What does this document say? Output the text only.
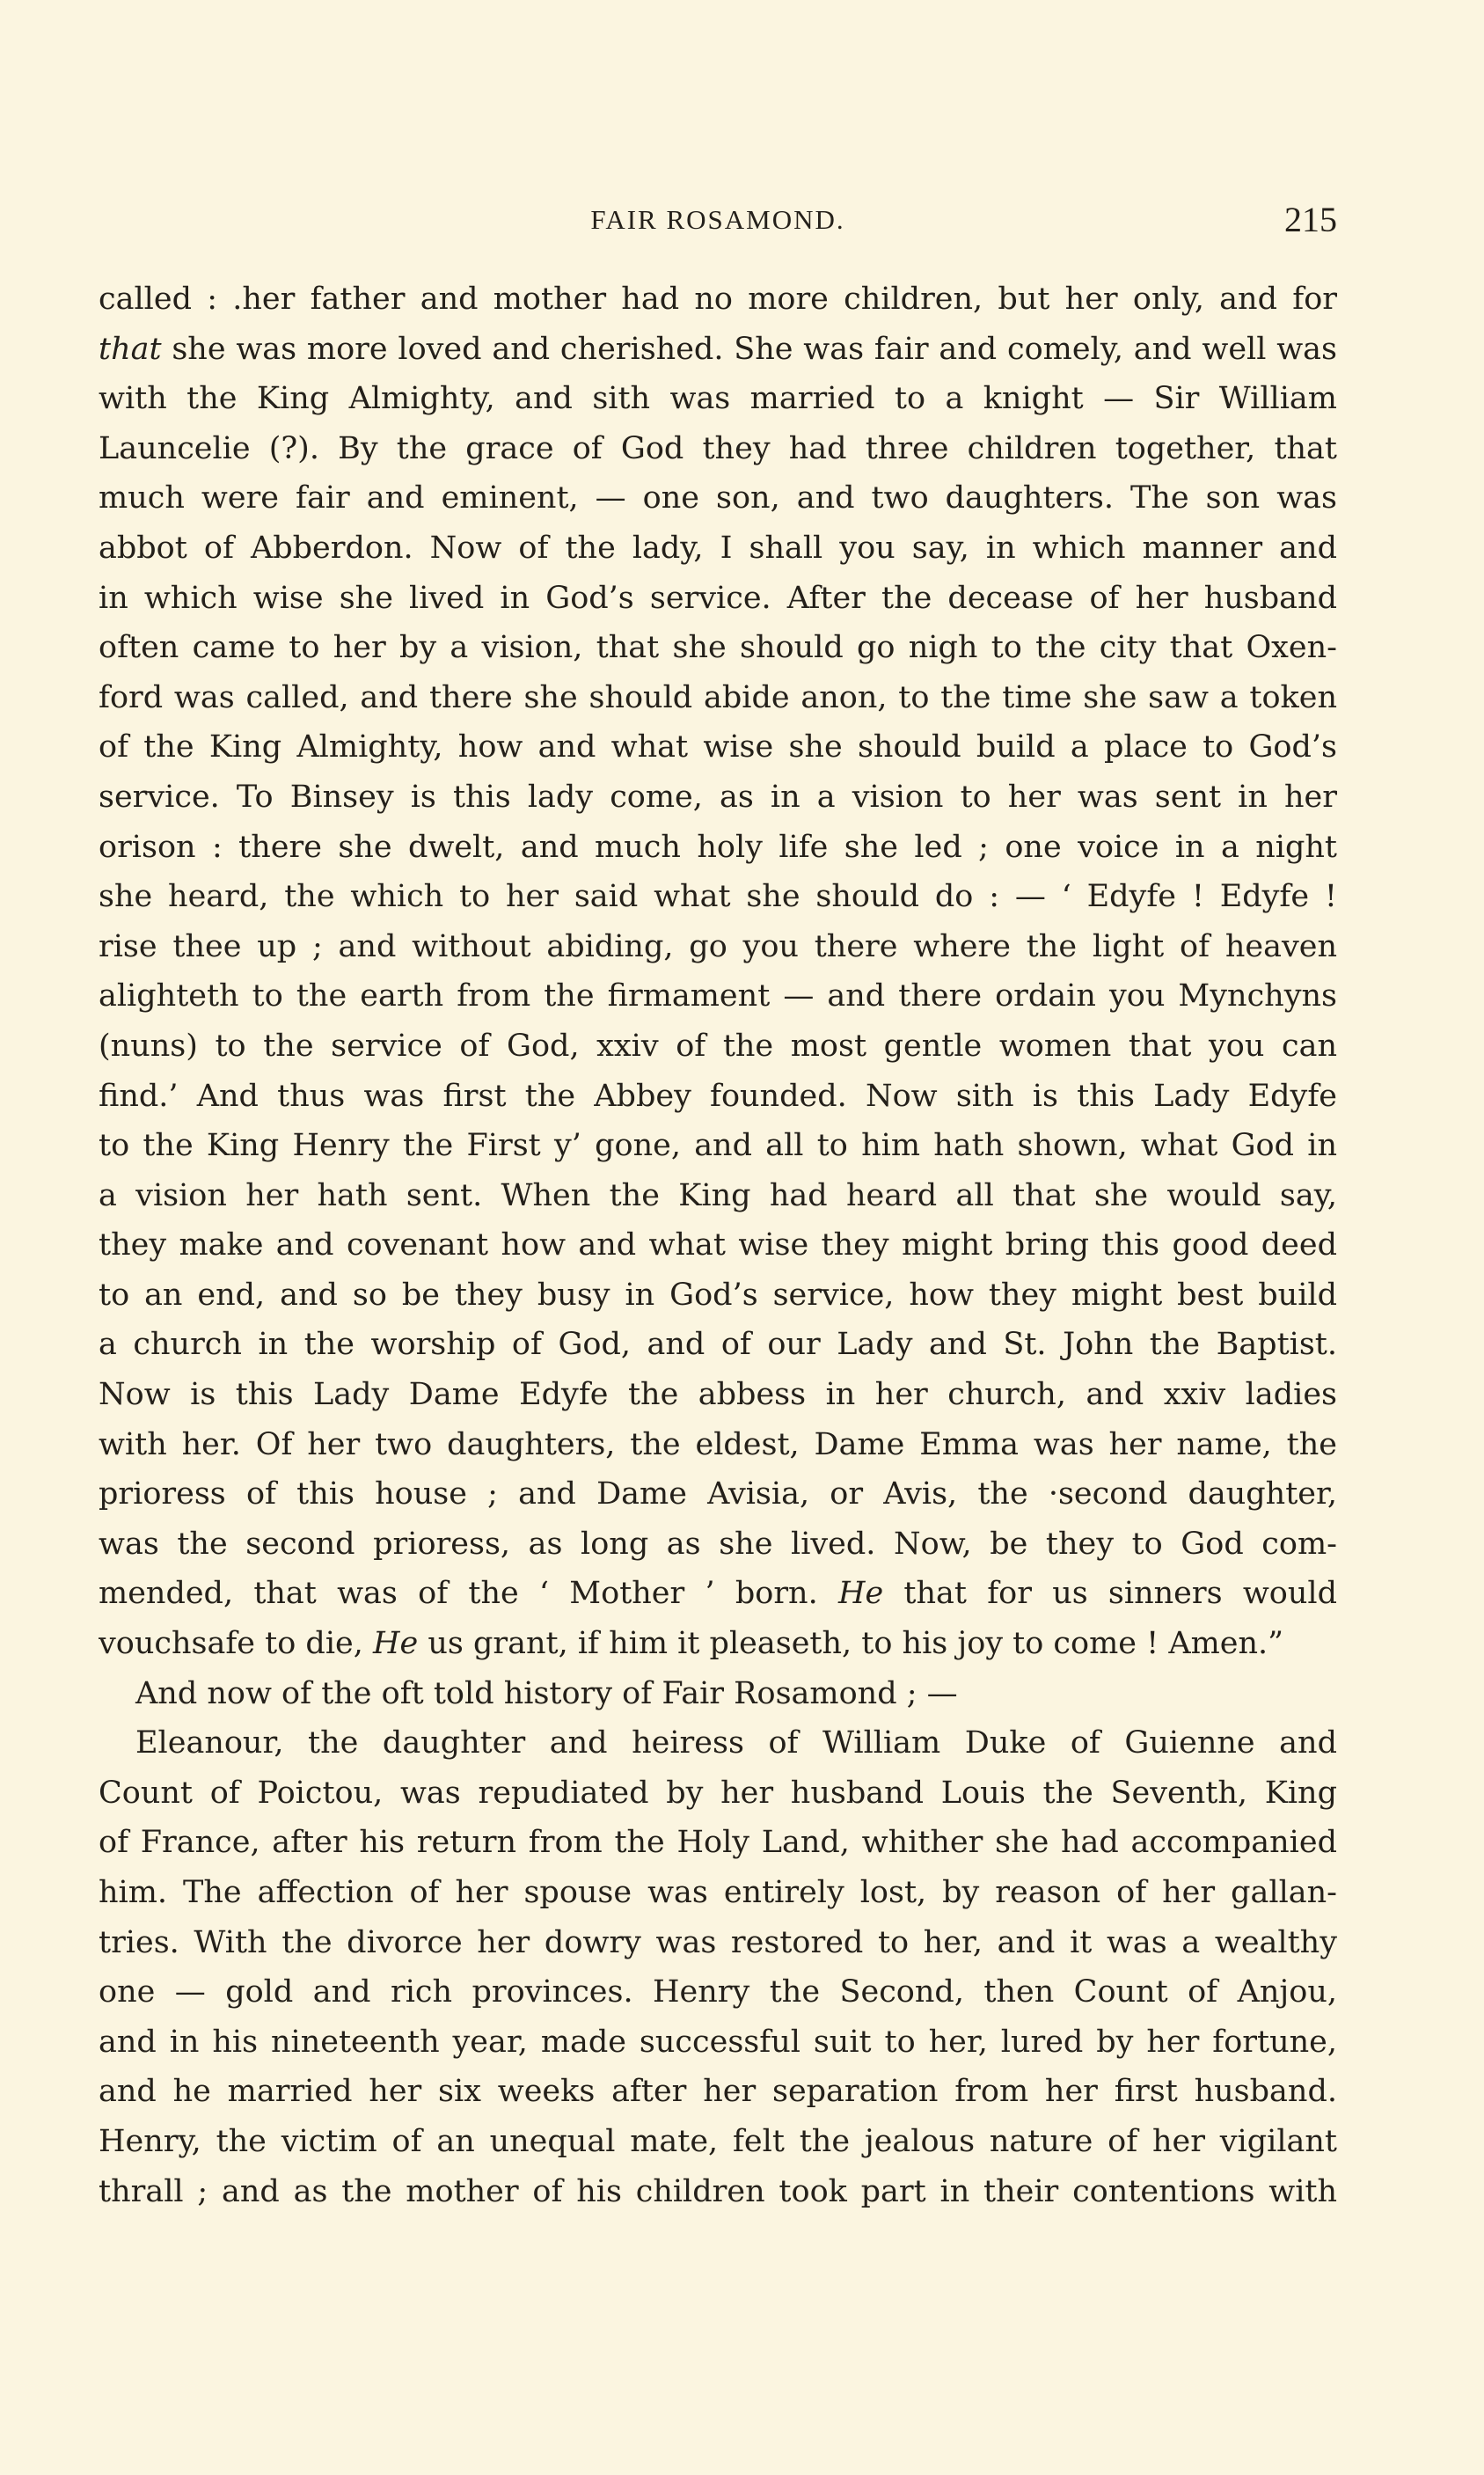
FAIR ROSAMOND.	215
called : .her father and mother had no more children, but her only, and for
that she was more loved and cherished. She was fair and comely, and well was
with the King Almighty, and sith was married to a knight — Sir William
Launcelie (?). By the grace of God they had three children together, that
much were fair and eminent, — one son, and two daughters. The son was
abbot of Abberdon. Now of the lady, I shall you say, in which manner and
in which wise she lived in God’s service. After the decease of her husband
often came to her by a vision, that she should go nigh to the city that Oxen-
ford was called, and there she should abide anon, to the time she saw a token
of the King Almighty, how and what wise she should build a place to God’s
service. To Binsey is this lady come, as in a vision to her was sent in her
orison : there she dwelt, and much holy life she led ; one voice in a night
she heard, the which to her said what she should do : — ‘ Edyfe ! Edyfe !
rise thee up ; and without abiding, go you there where the light of heaven
alighteth to the earth from the firmament — and there ordain you Mynchyns
(nuns) to the service of God, xxiv of the most gentle women that you can
find.’ And thus was first the Abbey founded. Now sith is this Lady Edyfe
to the King Henry the First y’ gone, and all to him hath shown, what God in
a vision her hath sent. When the King had heard all that she would say,
they make and covenant how and what wise they might bring this good deed
to an end, and so be they busy in God’s service, how they might best build
a church in the worship of God, and of our Lady and St. John the Baptist.
Now is this Lady Dame Edyfe the abbess in her church, and xxiv ladies
with her. Of her two daughters, the eldest, Dame Emma was her name, the
prioress of this house ; and Dame Avisia, or Avis, the ·second daughter,
was the second prioress, as long as she lived. Now, be they to God com-
mended, that was of the ‘ Mother ’ born. He that for us sinners would
vouchsafe to die, He us grant, if him it pleaseth, to his joy to come ! Amen.”
And now of the oft told history of Fair Rosamond ; —
Eleanour, the daughter and heiress of William Duke of Guienne and
Count of Poictou, was repudiated by her husband Louis the Seventh, King
of France, after his return from the Holy Land, whither she had accompanied
him. The affection of her spouse was entirely lost, by reason of her gallan-
tries. With the divorce her dowry was restored to her, and it was a wealthy
one — gold and rich provinces. Henry the Second, then Count of Anjou,
and in his nineteenth year, made successful suit to her, lured by her fortune,
and he married her six weeks after her separation from her first husband.
Henry, the victim of an unequal mate, felt the jealous nature of her vigilant
thrall ; and as the mother of his children took part in their contentions with
